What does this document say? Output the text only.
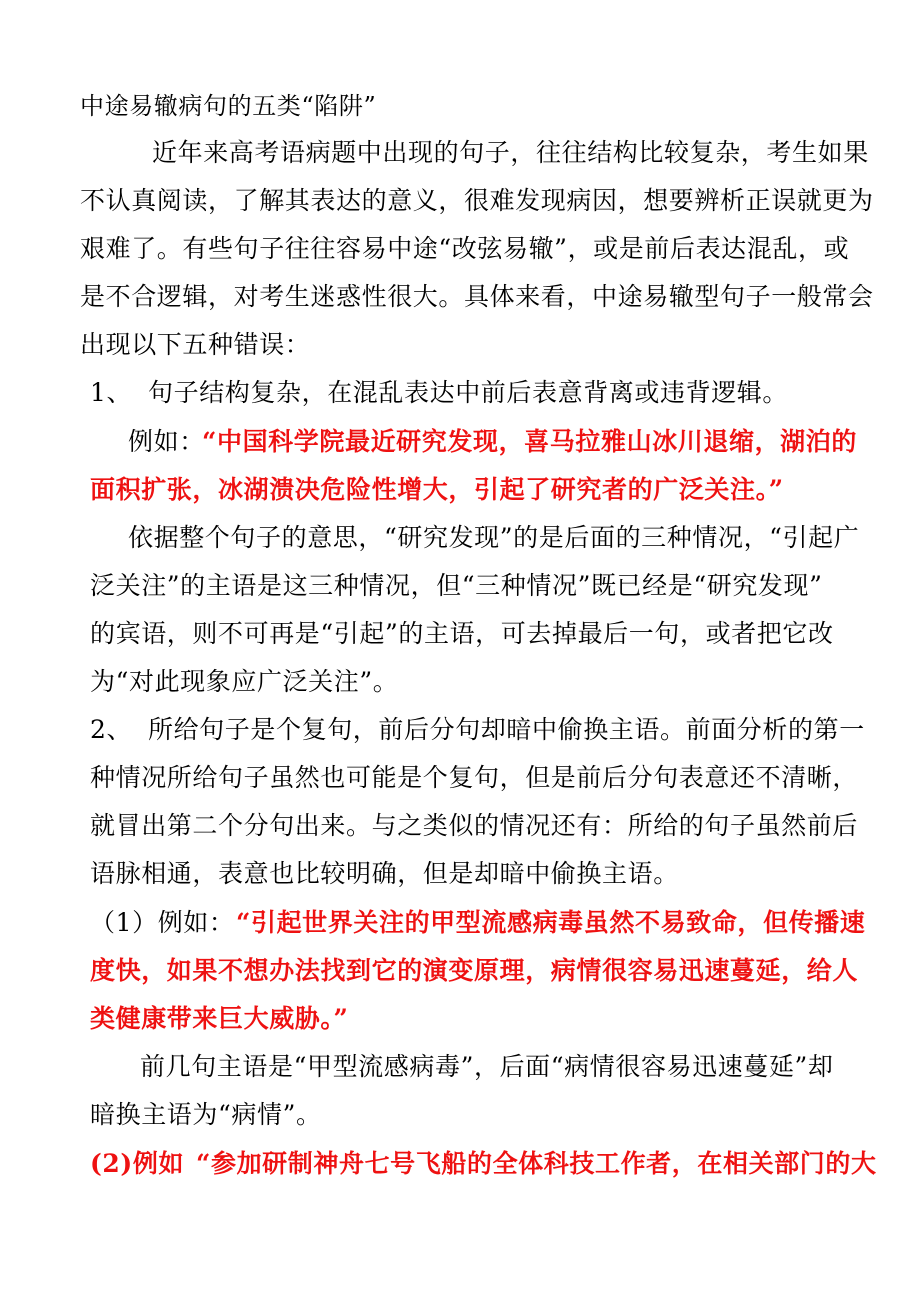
中途易辙病句的五类“陷阱”
近年来高考语病题中出现的句子，往往结构比较复杂，考生如果
不认真阅读，了解其表达的意义，很难发现病因，想要辨析正误就更为
艰难了。有些句子往往容易中途“改弦易辙”，或是前后表达混乱，或
是不合逻辑，对考生迷惑性很大。具体来看，中途易辙型句子一般常会
出现以下五种错误：
1、 句子结构复杂，在混乱表达中前后表意背离或违背逻辑。
例如：
“中国科学院最近研究发现，喜马拉雅山冰川退缩，湖泊的
面积扩张，冰湖溃决危险性增大，引起了研究者的广泛关注。”
依据整个句子的意思，“研究发现”的是后面的三种情况，“引起广
泛关注”的主语是这三种情况，但“三种情况”既已经是“研究发现”
的宾语，则不可再是“引起”的主语，可去掉最后一句，或者把它改
为“对此现象应广泛关注”。
2、 所给句子是个复句，前后分句却暗中偷换主语。前面分析的第一
种情况所给句子虽然也可能是个复句，但是前后分句表意还不清晰，
就冒出第二个分句出来。与之类似的情况还有：所给的句子虽然前后
语脉相通，表意也比较明确，但是却暗中偷换主语。
（1）例如： “引起世界关注的甲型流感病毒虽然不易致命，但传播速
度快，如果不想办法找到它的演变原理，病情很容易迅速蔓延，给人
类健康带来巨大威胁。”
前几句主语是“甲型流感病毒”，后面“病情很容易迅速蔓延”却
暗换主语为“病情”。
(2)例如 “参加研制神舟七号飞船的全体科技工作者，在相关部门的大
